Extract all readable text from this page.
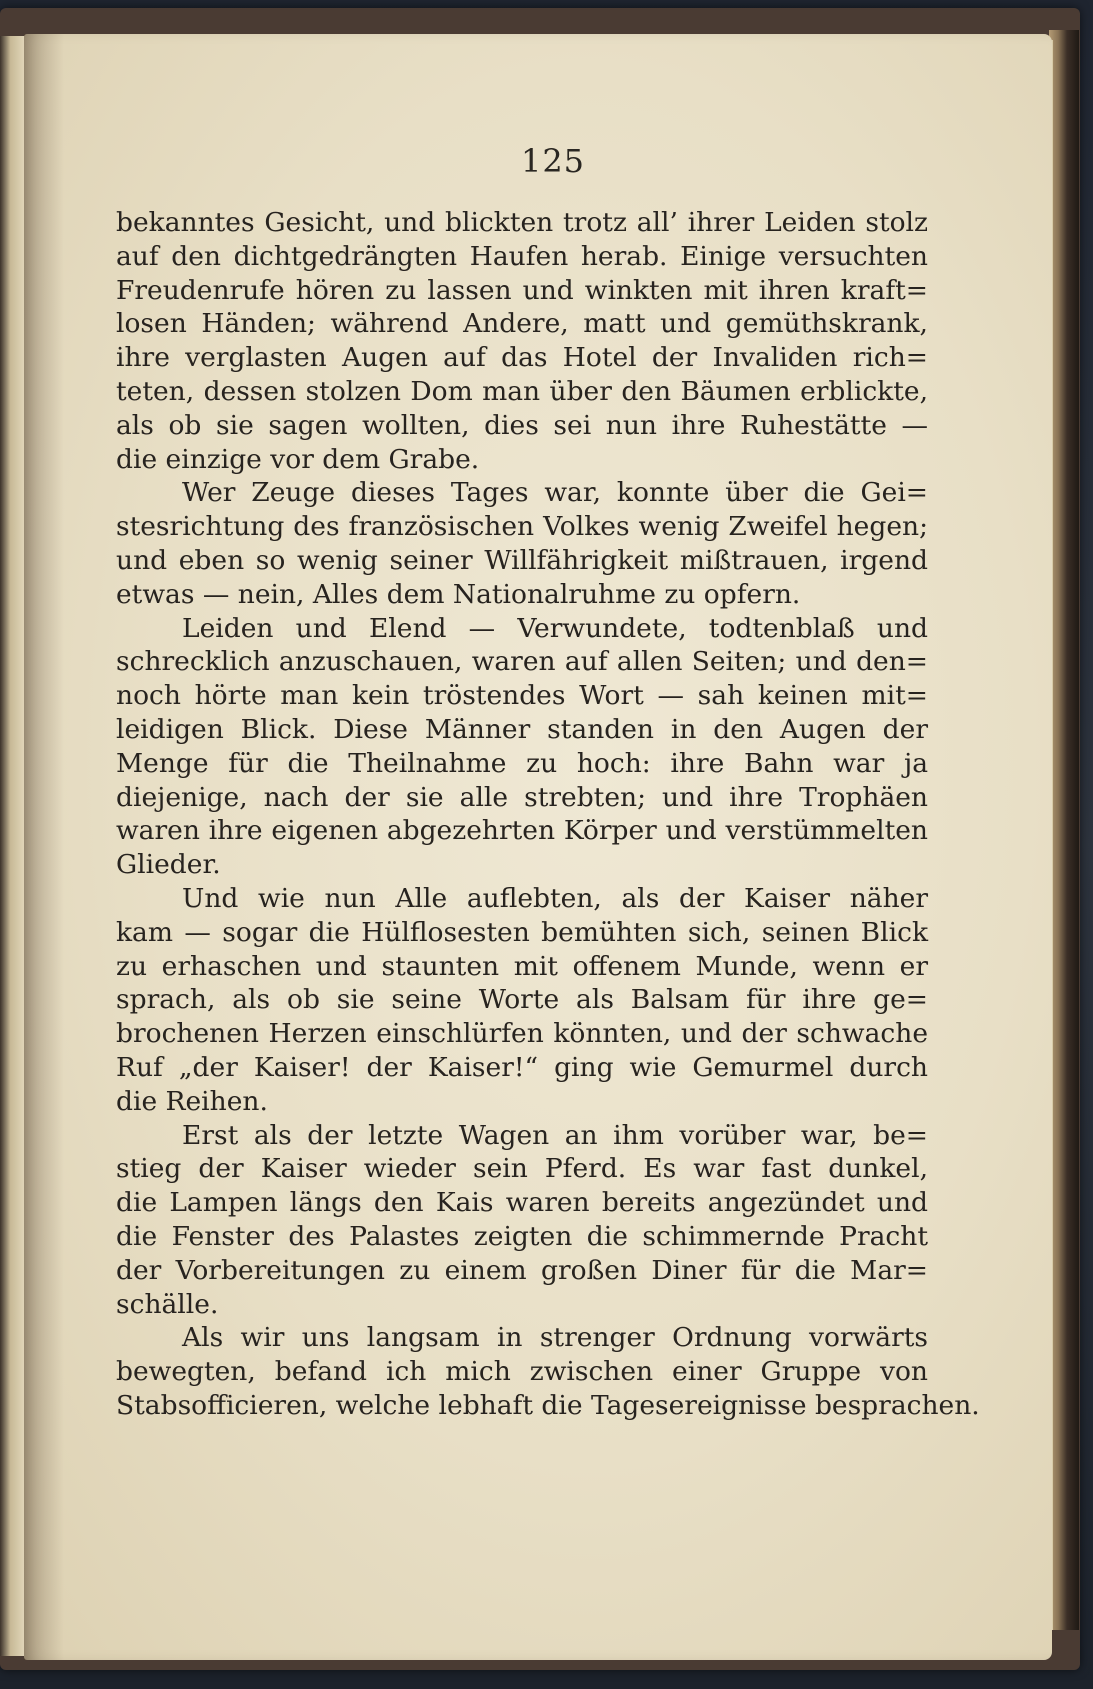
125

bekanntes Gesicht, und blickten trotz all’ ihrer Leiden stolz
auf den dichtgedrängten Haufen herab. Einige versuchten
Freudenrufe hören zu lassen und winkten mit ihren kraft=
losen Händen; während Andere, matt und gemüthskrank,
ihre verglasten Augen auf das Hotel der Invaliden rich=
teten, dessen stolzen Dom man über den Bäumen erblickte,
als ob sie sagen wollten, dies sei nun ihre Ruhestätte —
die einzige vor dem Grabe.

Wer Zeuge dieses Tages war, konnte über die Gei=
stesrichtung des französischen Volkes wenig Zweifel hegen;
und eben so wenig seiner Willfährigkeit mißtrauen, irgend
etwas — nein, Alles dem Nationalruhme zu opfern.

Leiden und Elend — Verwundete, todtenblaß und
schrecklich anzuschauen, waren auf allen Seiten; und den=
noch hörte man kein tröstendes Wort — sah keinen mit=
leidigen Blick. Diese Männer standen in den Augen der
Menge für die Theilnahme zu hoch: ihre Bahn war ja
diejenige, nach der sie alle strebten; und ihre Trophäen
waren ihre eigenen abgezehrten Körper und verstümmelten
Glieder.

Und wie nun Alle auflebten, als der Kaiser näher
kam — sogar die Hülflosesten bemühten sich, seinen Blick
zu erhaschen und staunten mit offenem Munde, wenn er
sprach, als ob sie seine Worte als Balsam für ihre ge=
brochenen Herzen einschlürfen könnten, und der schwache
Ruf „der Kaiser! der Kaiser!“ ging wie Gemurmel durch
die Reihen.

Erst als der letzte Wagen an ihm vorüber war, be=
stieg der Kaiser wieder sein Pferd. Es war fast dunkel,
die Lampen längs den Kais waren bereits angezündet und
die Fenster des Palastes zeigten die schimmernde Pracht
der Vorbereitungen zu einem großen Diner für die Mar=
schälle.

Als wir uns langsam in strenger Ordnung vorwärts
bewegten, befand ich mich zwischen einer Gruppe von
Stabsofficieren, welche lebhaft die Tagesereignisse besprachen.
